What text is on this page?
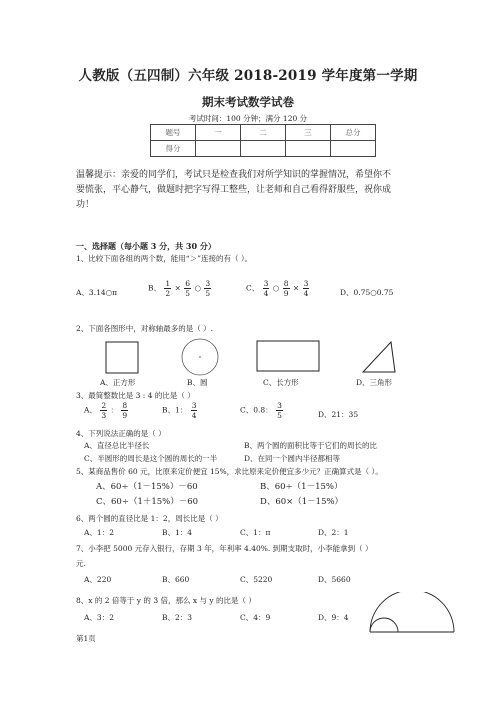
人教版（五四制）六年级 2018-2019 学年度第一学期
期末考试数学试卷
考试时间：100 分钟；满分 120 分
题号	一	二	三	总分
得分				
温馨提示：亲爱的同学们，考试只是检查我们对所学知识的掌握情况，希望你不
要慌张，平心静气，做题时把字写得工整些，让老师和自己看得舒服些，祝你成
功！
一、选择题（每小题 3 分，共 30 分）
1、比较下面各组的两个数，能用“＞”连接的有（ ）。
A、3.14○π	B、 $\frac{1}{2} \times \frac{6}{5}$ ○ $\frac{3}{5}$	C、 $\frac{3}{4}$ ○ $\frac{8}{9} \times \frac{3}{4}$	D、0.75○0.75
2、下面各图形中，对称轴最多的是（ ）.
A、正方形	B、圆	C、长方形	D、三角形
3、最简整数比是 3 : 4 的比是（ ）
A、 $\frac{2}{3}$ ： $\frac{8}{9}$	B、1： $\frac{3}{4}$	C、0.8： $\frac{3}{5}$	D、21：35
4、下列说法正确的是（ ）
A、直径总比半径长	B、两个圆的面积比等于它们的周长的比
C、半圆形的周长是这个圆的周长的一半	D、在同一个圆内半径都相等
5、某商品售价 60 元，比原来定价便宜 15%，求比原来定价便宜多少元？正确算式是（ ）。
A、60÷（1－15%）－60	B、60÷（1－15%）
C、60÷（1＋15%）－60	D、60×（1－15%）
6、两个圆的直径比是 1：2，周长比是（ ）
A、1：2	B、1：4	C、1：π	D、2：1
7、小李把 5000 元存入银行，存期 3 年，年利率 4.40%. 到期支取时，小李能拿到（ ）
元.
A、220	B、660	C、5220	D、5660
8、x 的 2 倍等于 y 的 3 倍，那么 x 与 y 的比是（ ）
A、3：2	B、2：3	C、4：9	D、9：4
第1页
